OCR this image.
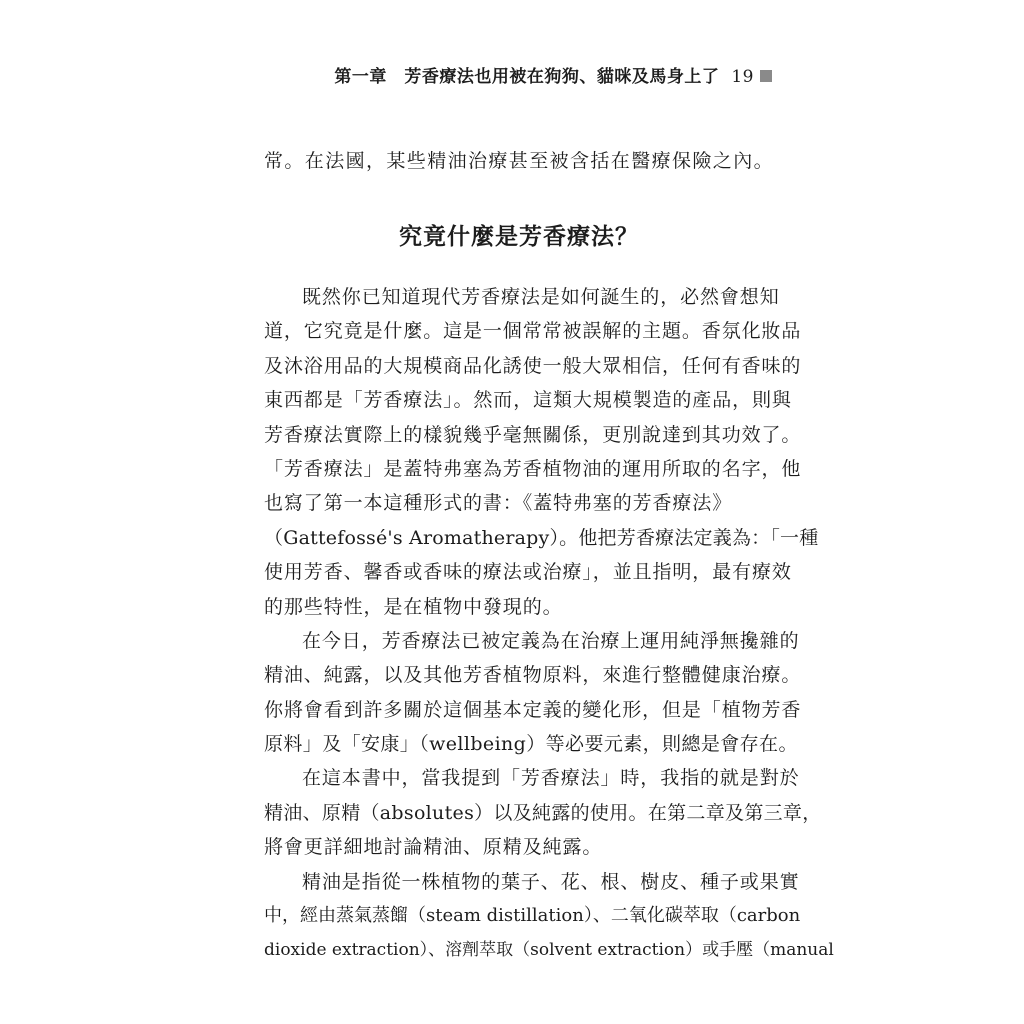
第一章　芳香療法也用被在狗狗、貓咪及馬身上了 19
常。在法國，某些精油治療甚至被含括在醫療保險之內。
究竟什麼是芳香療法？
既然你已知道現代芳香療法是如何誕生的，必然會想知
道，它究竟是什麼。這是一個常常被誤解的主題。香氛化妝品
及沐浴用品的大規模商品化誘使一般大眾相信，任何有香味的
東西都是「芳香療法」。然而，這類大規模製造的產品，則與
芳香療法實際上的樣貌幾乎毫無關係，更別說達到其功效了。
「芳香療法」是蓋特弗塞為芳香植物油的運用所取的名字，他
也寫了第一本這種形式的書：《蓋特弗塞的芳香療法》
（Gattefossé's Aromatherapy）。他把芳香療法定義為：「一種
使用芳香、馨香或香味的療法或治療」，並且指明，最有療效
的那些特性，是在植物中發現的。
在今日，芳香療法已被定義為在治療上運用純淨無攙雜的
精油、純露，以及其他芳香植物原料，來進行整體健康治療。
你將會看到許多關於這個基本定義的變化形，但是「植物芳香
原料」及「安康」（wellbeing）等必要元素，則總是會存在。
在這本書中，當我提到「芳香療法」時，我指的就是對於
精油、原精（absolutes）以及純露的使用。在第二章及第三章，
將會更詳細地討論精油、原精及純露。
精油是指從一株植物的葉子、花、根、樹皮、種子或果實
中，經由蒸氣蒸餾（steam distillation）、二氧化碳萃取（carbon
dioxide extraction）、溶劑萃取（solvent extraction）或手壓（manual
